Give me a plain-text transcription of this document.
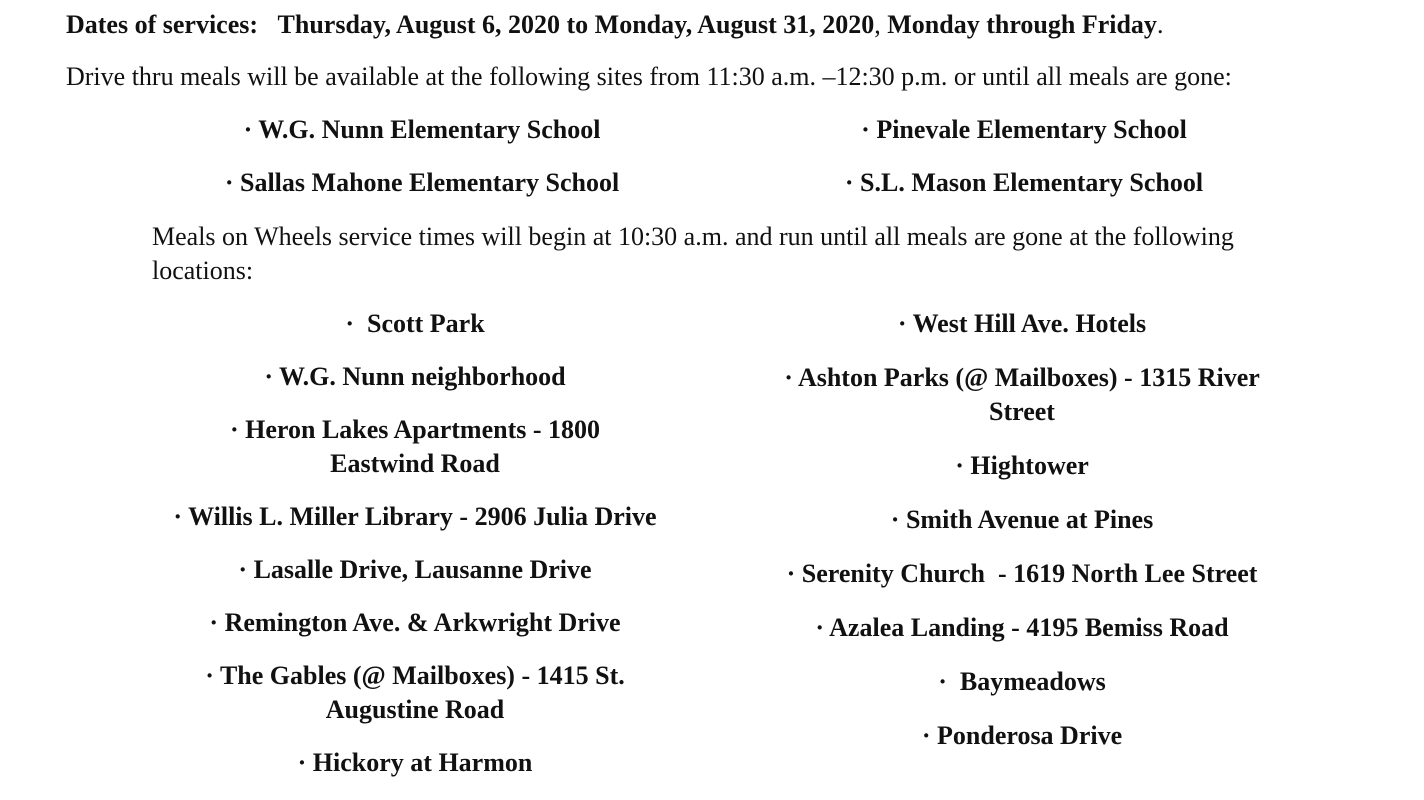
Dates of services: Thursday, August 6, 2020 to Monday, August 31, 2020, Monday through Friday.
Drive thru meals will be available at the following sites from 11:30 a.m. –12:30 p.m. or until all meals are gone:
· W.G. Nunn Elementary School
· Sallas Mahone Elementary School
· Pinevale Elementary School
· S.L. Mason Elementary School
Meals on Wheels service times will begin at 10:30 a.m. and run until all meals are gone at the following locations:
·  Scott Park
· W.G. Nunn neighborhood
· Heron Lakes Apartments - 1800 Eastwind Road
· Willis L. Miller Library - 2906 Julia Drive
· Lasalle Drive, Lausanne Drive
· Remington Ave. & Arkwright Drive
· The Gables (@ Mailboxes) - 1415 St. Augustine Road
· Hickory at Harmon
· West Hill Ave. Hotels
· Ashton Parks (@ Mailboxes) - 1315 River Street
· Hightower
· Smith Avenue at Pines
· Serenity Church  - 1619 North Lee Street
· Azalea Landing - 4195 Bemiss Road
·  Baymeadows
· Ponderosa Drive
